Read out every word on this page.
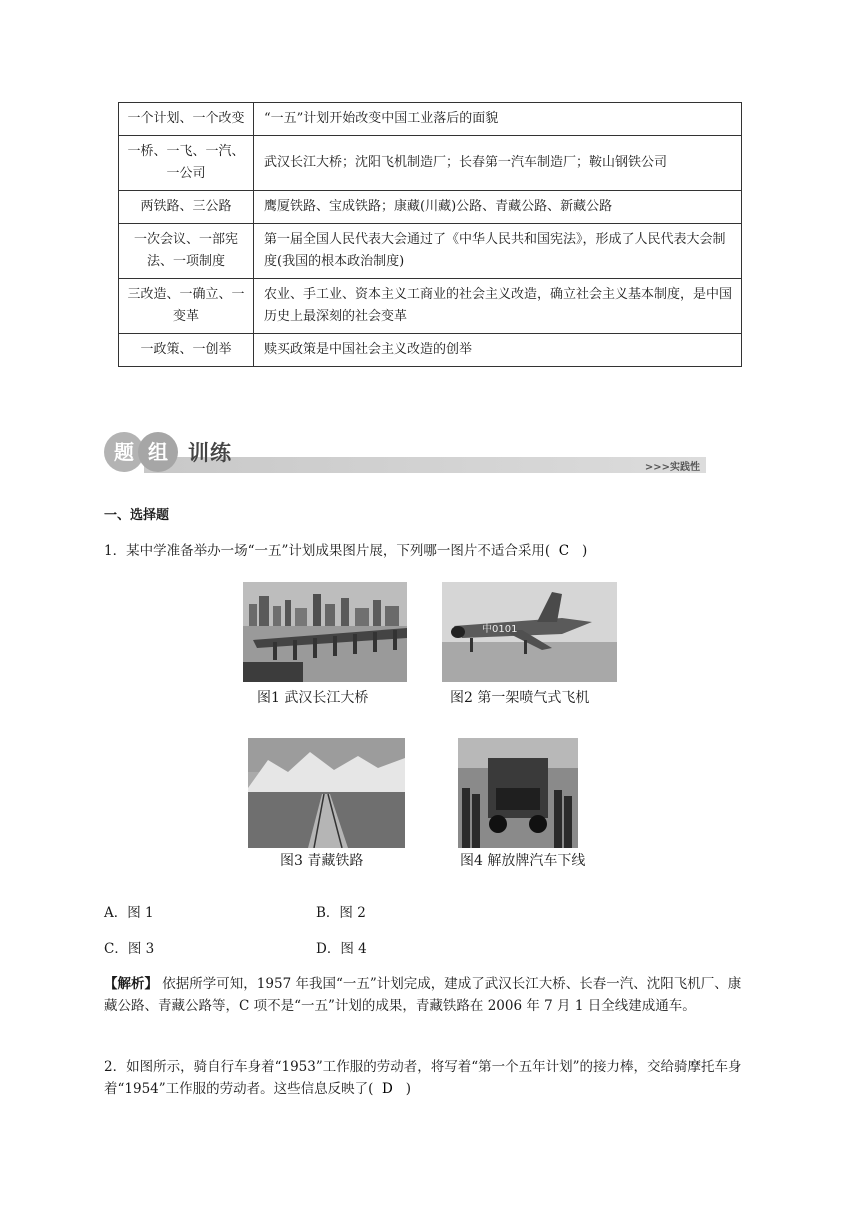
一个计划、一个改变	“一五”计划开始改变中国工业落后的面貌
一桥、一飞、一汽、一公司	武汉长江大桥；沈阳飞机制造厂；长春第一汽车制造厂；鞍山钢铁公司
两铁路、三公路	鹰厦铁路、宝成铁路；康藏(川藏)公路、青藏公路、新藏公路
一次会议、一部宪法、一项制度	第一届全国人民代表大会通过了《中华人民共和国宪法》，形成了人民代表大会制度(我国的根本政治制度)
三改造、一确立、一变革	农业、手工业、资本主义工商业的社会主义改造，确立社会主义基本制度，是中国历史上最深刻的社会变革
一政策、一创举	赎买政策是中国社会主义改造的创举
题 组 训练
>>>实践性
一、选择题
1．某中学准备举办一场“一五”计划成果图片展，下列哪一图片不适合采用( C )
图1 武汉长江大桥
中0101
图2 第一架喷气式飞机
图3 青藏铁路	图4 解放牌汽车下线
A．图 1	B．图 2
C．图 3	D．图 4
【解析】 依据所学可知，1957 年我国“一五”计划完成，建成了武汉长江大桥、长春一汽、沈阳飞机厂、康藏公路、青藏公路等，C 项不是“一五”计划的成果，青藏铁路在 2006 年 7 月 1 日全线建成通车。
2．如图所示，骑自行车身着“1953”工作服的劳动者，将写着“第一个五年计划”的接力棒，交给骑摩托车身着“1954”工作服的劳动者。这些信息反映了( D )
